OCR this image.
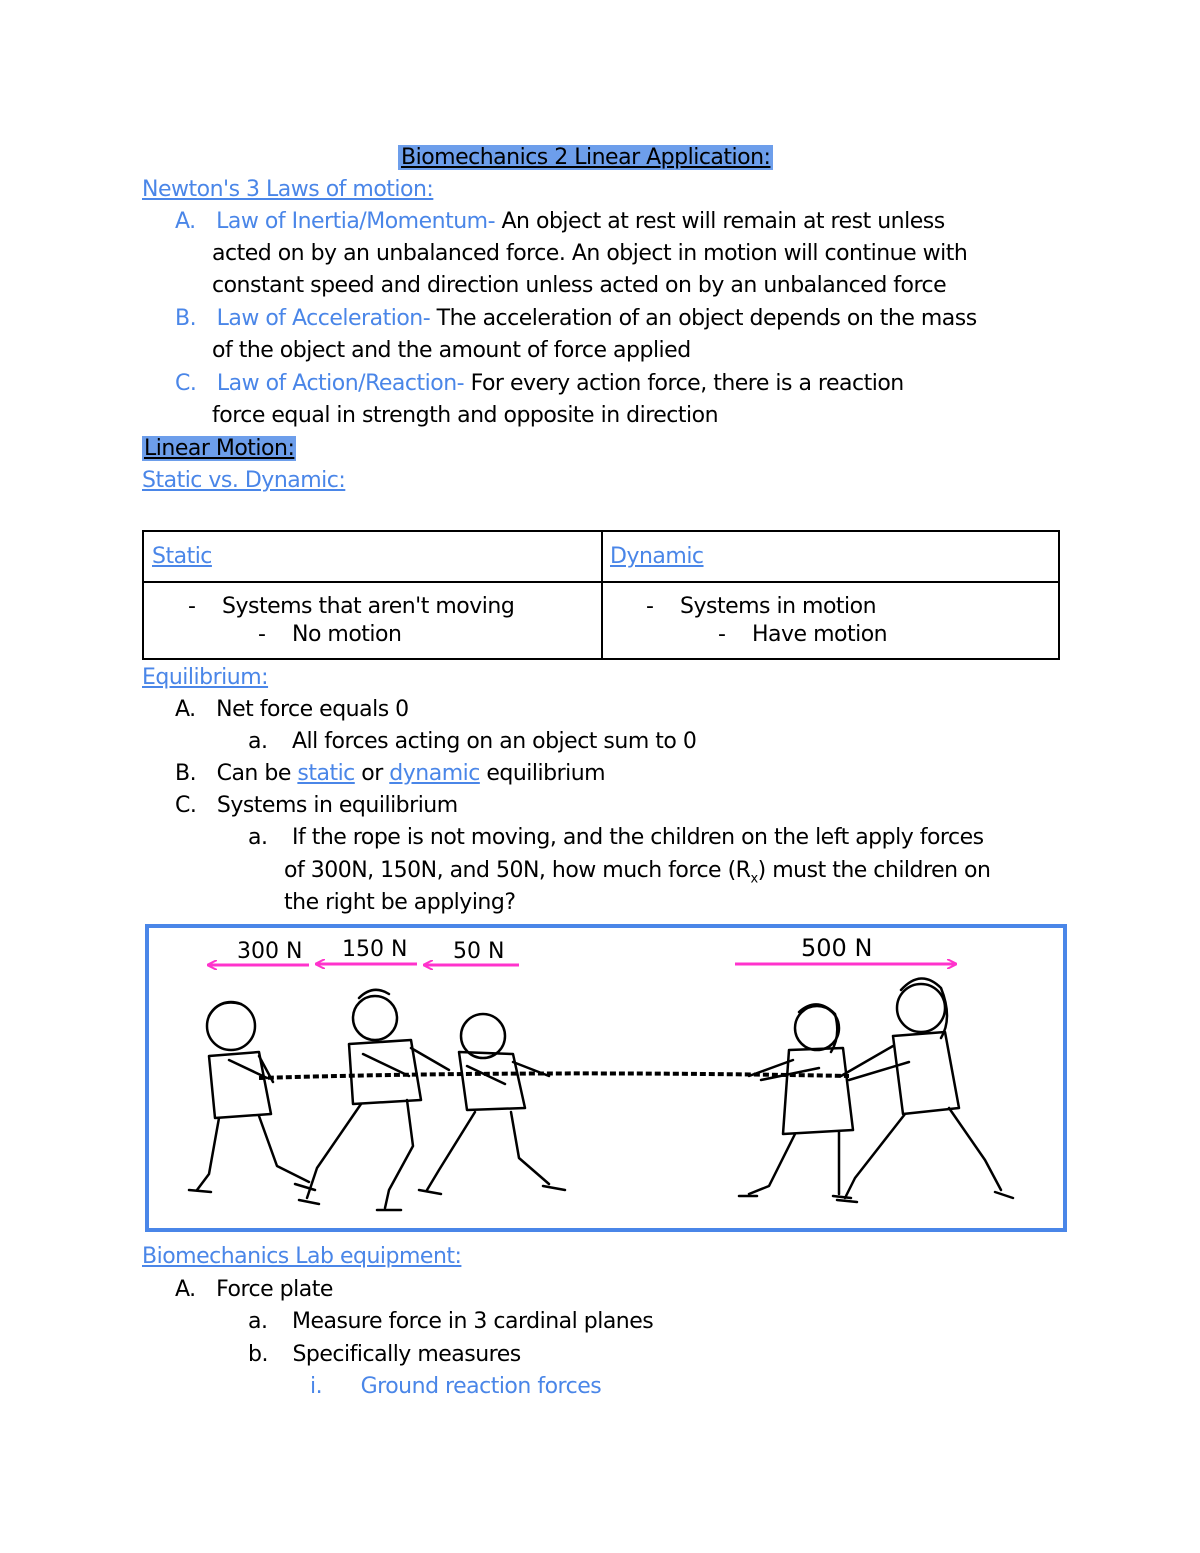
Biomechanics 2 Linear Application:
Newton's 3 Laws of motion:
A. Law of Inertia/Momentum- An object at rest will remain at rest unless
acted on by an unbalanced force. An object in motion will continue with
constant speed and direction unless acted on by an unbalanced force
B. Law of Acceleration- The acceleration of an object depends on the mass
of the object and the amount of force applied
C. Law of Action/Reaction- For every action force, there is a reaction
force equal in strength and opposite in direction
Linear Motion:
Static vs. Dynamic:
Static	Dynamic
- Systems that aren't moving
- No motion
- Systems in motion
- Have motion
Equilibrium:
A. Net force equals 0
a. All forces acting on an object sum to 0
B. Can be static or dynamic equilibrium
C. Systems in equilibrium
a. If the rope is not moving, and the children on the left apply forces
of 300N, 150N, and 50N, how much force $(R_x)$ must the children on
the right be applying?
300 N 150 N 50 N	500 N
Biomechanics Lab equipment:
A. Force plate
a. Measure force in 3 cardinal planes
b. Specifically measures
i. Ground reaction forces
